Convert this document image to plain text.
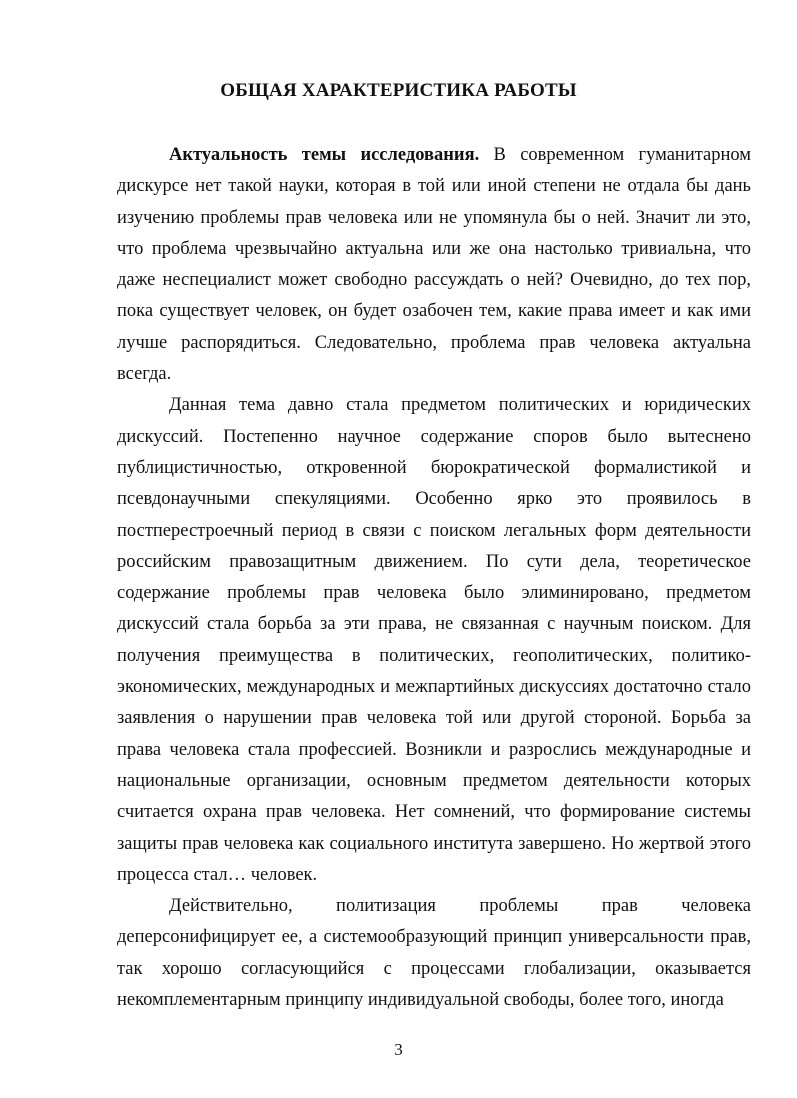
ОБЩАЯ ХАРАКТЕРИСТИКА РАБОТЫ

Актуальность темы исследования. В современном гуманитарном дискурсе нет такой науки, которая в той или иной степени не отдала бы дань изучению проблемы прав человека или не упомянула бы о ней. Значит ли это, что проблема чрезвычайно актуальна или же она настолько тривиальна, что даже неспециалист может свободно рассуждать о ней? Очевидно, до тех пор, пока существует человек, он будет озабочен тем, какие права имеет и как ими лучше распорядиться. Следовательно, проблема прав человека актуальна всегда.

Данная тема давно стала предметом политических и юридических дискуссий. Постепенно научное содержание споров было вытеснено публицистичностью, откровенной бюрократической формалистикой и псевдонаучными спекуляциями. Особенно ярко это проявилось в постперестроечный период в связи с поиском легальных форм деятельности российским правозащитным движением. По сути дела, теоретическое содержание проблемы прав человека было элиминировано, предметом дискуссий стала борьба за эти права, не связанная с научным поиском. Для получения преимущества в политических, геополитических, политико-экономических, международных и межпартийных дискуссиях достаточно стало заявления о нарушении прав человека той или другой стороной. Борьба за права человека стала профессией. Возникли и разрослись международные и национальные организации, основным предметом деятельности которых считается охрана прав человека. Нет сомнений, что формирование системы защиты прав человека как социального института завершено. Но жертвой этого процесса стал… человек.

Действительно, политизация проблемы прав человека деперсонифицирует ее, а системообразующий принцип универсальности прав, так хорошо согласующийся с процессами глобализации, оказывается некомплементарным принципу индивидуальной свободы, более того, иногда

3
